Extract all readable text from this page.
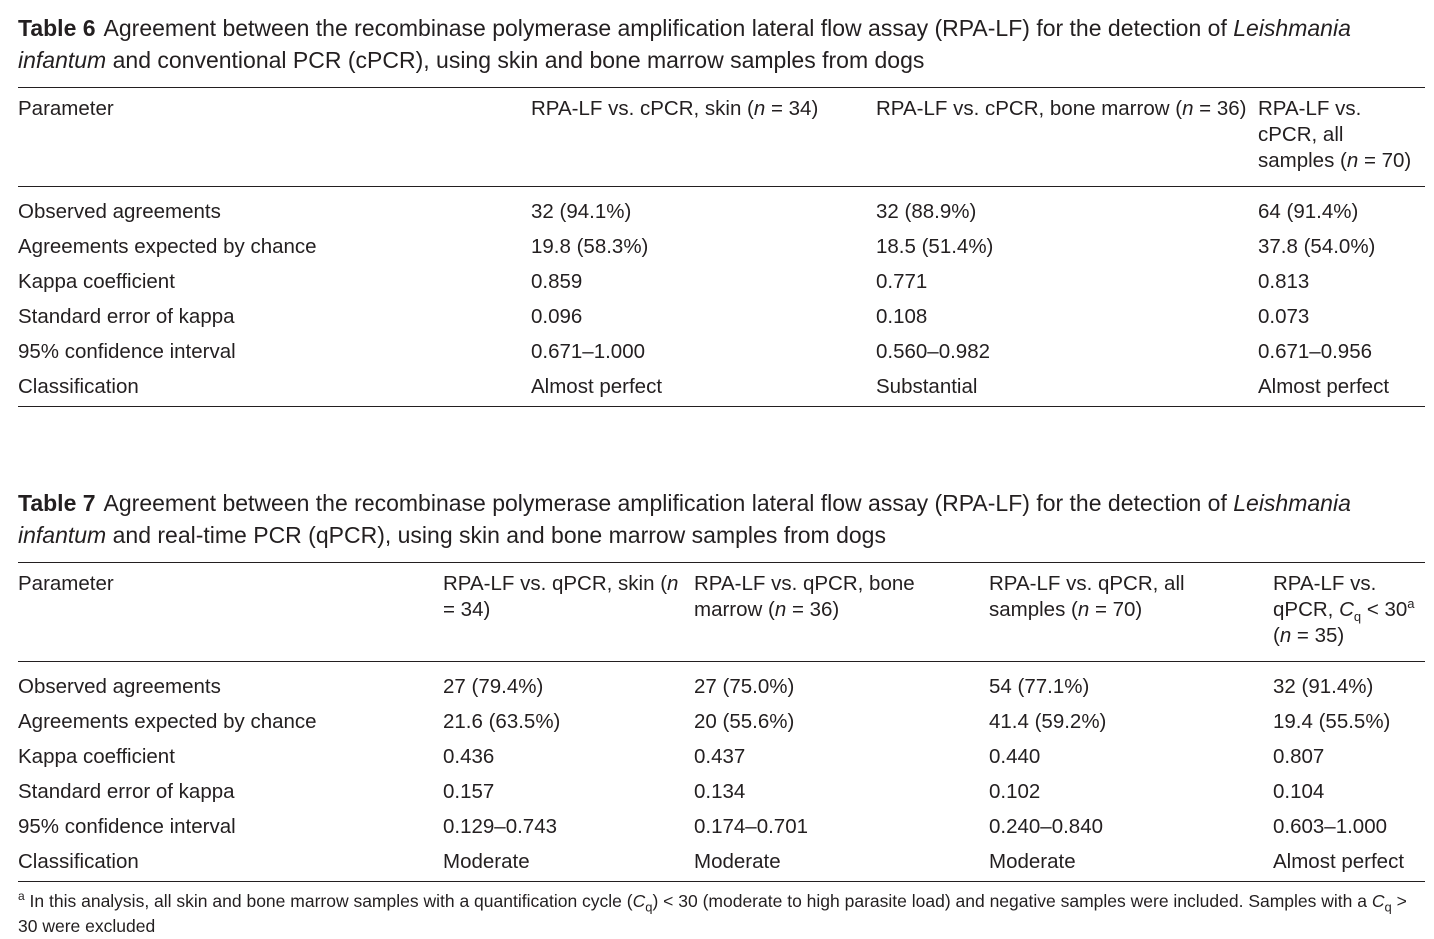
Table 6 Agreement between the recombinase polymerase amplification lateral flow assay (RPA-LF) for the detection of Leishmania infantum and conventional PCR (cPCR), using skin and bone marrow samples from dogs

Parameter	RPA-LF vs. cPCR, skin (n = 34)	RPA-LF vs. cPCR, bone marrow (n = 36)	RPA-LF vs. cPCR, all samples (n = 70)
Observed agreements	32 (94.1%)	32 (88.9%)	64 (91.4%)
Agreements expected by chance	19.8 (58.3%)	18.5 (51.4%)	37.8 (54.0%)
Kappa coefficient	0.859	0.771	0.813
Standard error of kappa	0.096	0.108	0.073
95% confidence interval	0.671–1.000	0.560–0.982	0.671–0.956
Classification	Almost perfect	Substantial	Almost perfect

Table 7 Agreement between the recombinase polymerase amplification lateral flow assay (RPA-LF) for the detection of Leishmania infantum and real-time PCR (qPCR), using skin and bone marrow samples from dogs

Parameter	RPA-LF vs. qPCR, skin (n = 34)	RPA-LF vs. qPCR, bone marrow (n = 36)	RPA-LF vs. qPCR, all samples (n = 70)	RPA-LF vs. qPCR, $C_q < 30^a$ (n = 35)
Observed agreements	27 (79.4%)	27 (75.0%)	54 (77.1%)	32 (91.4%)
Agreements expected by chance	21.6 (63.5%)	20 (55.6%)	41.4 (59.2%)	19.4 (55.5%)
Kappa coefficient	0.436	0.437	0.440	0.807
Standard error of kappa	0.157	0.134	0.102	0.104
95% confidence interval	0.129–0.743	0.174–0.701	0.240–0.840	0.603–1.000
Classification	Moderate	Moderate	Moderate	Almost perfect
$^a$ In this analysis, all skin and bone marrow samples with a quantification cycle $(C_q) < 30$ (moderate to high parasite load) and negative samples were included. Samples with a $C_q > 30$ were excluded
